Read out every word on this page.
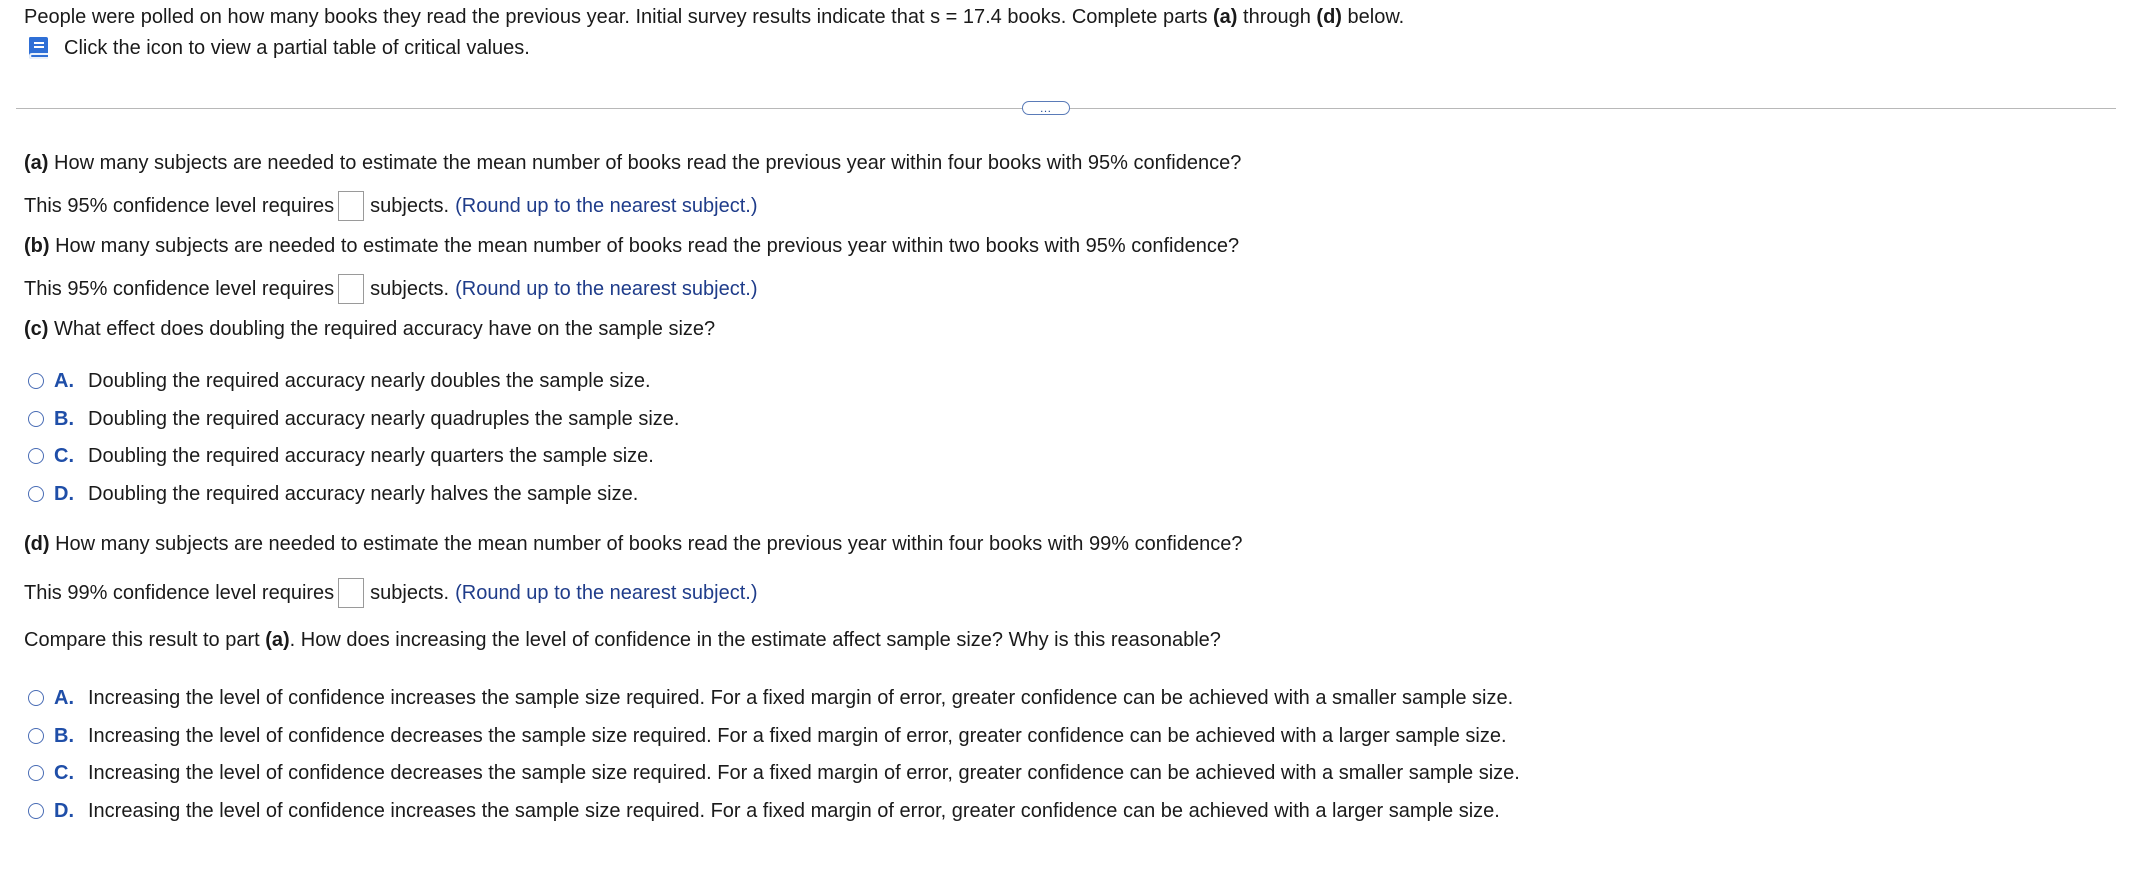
People were polled on how many books they read the previous year. Initial survey results indicate that s = 17.4 books. Complete parts (a) through (d) below.
Click the icon to view a partial table of critical values.
…
(a) How many subjects are needed to estimate the mean number of books read the previous year within four books with 95% confidence?
This 95% confidence level requires subjects. (Round up to the nearest subject.)
(b) How many subjects are needed to estimate the mean number of books read the previous year within two books with 95% confidence?
This 95% confidence level requires subjects. (Round up to the nearest subject.)
(c) What effect does doubling the required accuracy have on the sample size?
A. Doubling the required accuracy nearly doubles the sample size.
B. Doubling the required accuracy nearly quadruples the sample size.
C. Doubling the required accuracy nearly quarters the sample size.
D. Doubling the required accuracy nearly halves the sample size.
(d) How many subjects are needed to estimate the mean number of books read the previous year within four books with 99% confidence?
This 99% confidence level requires subjects. (Round up to the nearest subject.)
Compare this result to part (a). How does increasing the level of confidence in the estimate affect sample size? Why is this reasonable?
A. Increasing the level of confidence increases the sample size required. For a fixed margin of error, greater confidence can be achieved with a smaller sample size.
B. Increasing the level of confidence decreases the sample size required. For a fixed margin of error, greater confidence can be achieved with a larger sample size.
C. Increasing the level of confidence decreases the sample size required. For a fixed margin of error, greater confidence can be achieved with a smaller sample size.
D. Increasing the level of confidence increases the sample size required. For a fixed margin of error, greater confidence can be achieved with a larger sample size.
